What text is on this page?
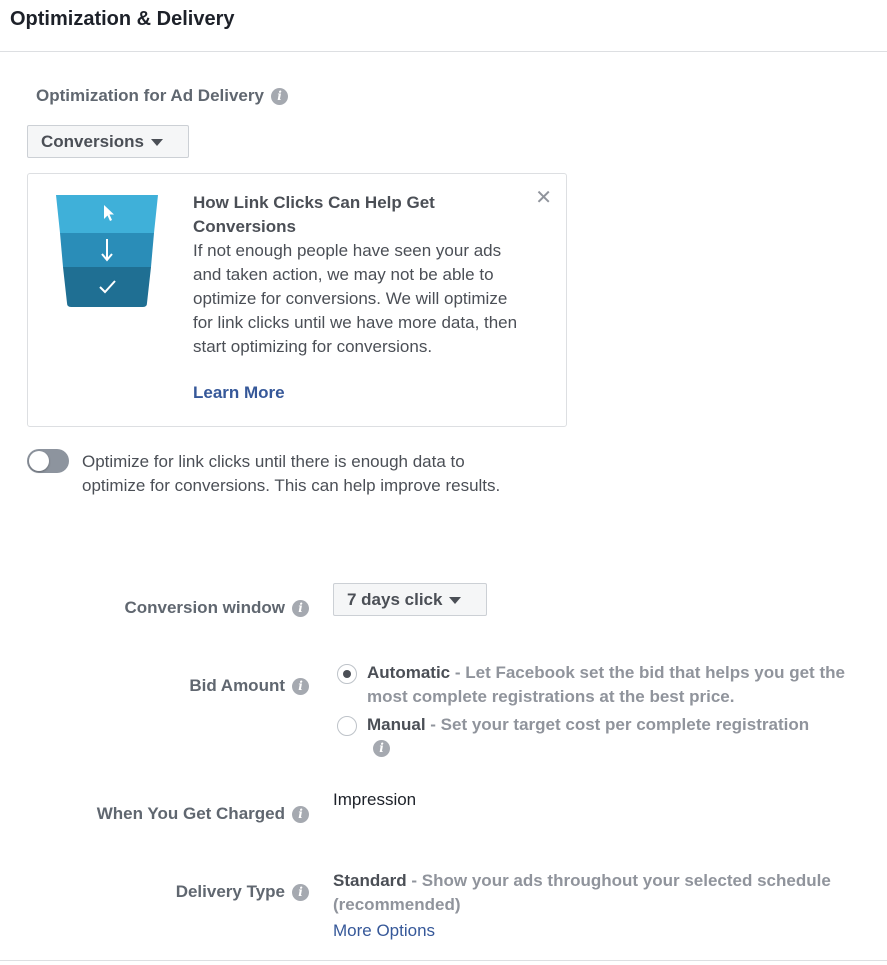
Optimization & Delivery
Optimization for Ad Delivery	i
Conversions
✕
How Link Clicks Can Help Get Conversions
If not enough people have seen your ads and taken action, we may not be able to optimize for conversions. We will optimize for link clicks until we have more data, then start optimizing for conversions.
Learn More
Optimize for link clicks until there is enough data to optimize for conversions. This can help improve results.
Conversion window	i	7 days click
Bid Amount	i
Automatic - Let Facebook set the bid that helps you get the most complete registrations at the best price.
Manual - Set your target cost per complete registration
i
When You Get Charged	i
Impression
Delivery Type	i
Standard - Show your ads throughout your selected schedule (recommended)
More Options
